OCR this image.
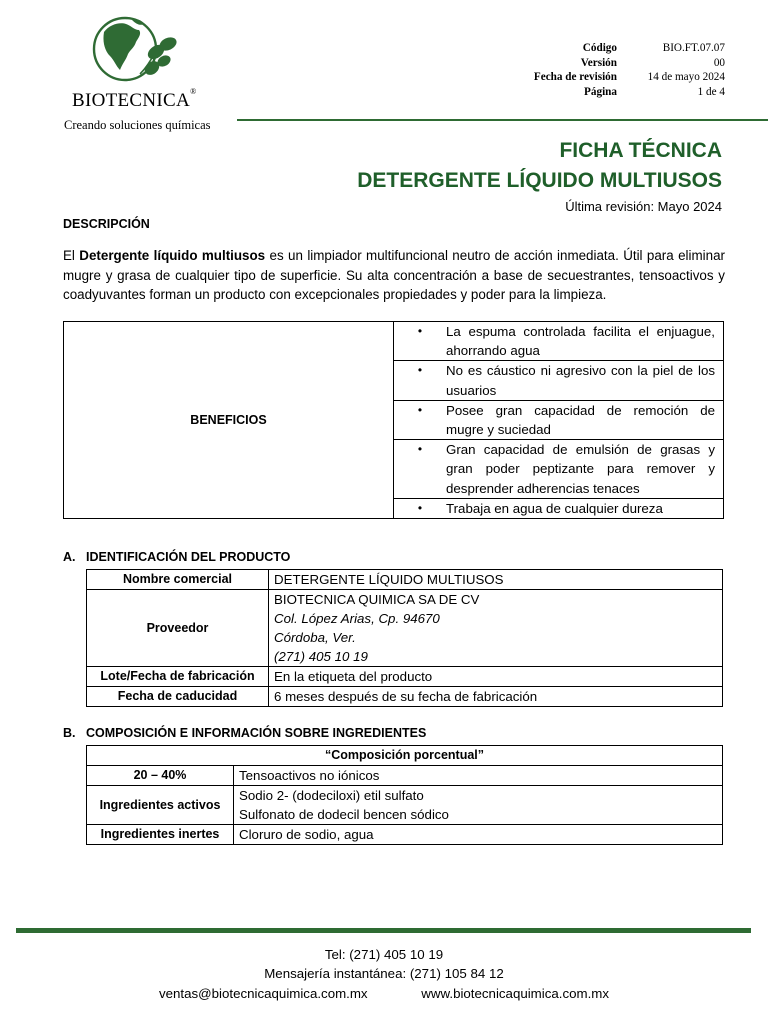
BIOTECNICA®
Creando soluciones químicas
Código	BIO.FT.07.07
Versión	00
Fecha de revisión	14 de mayo 2024
Página	1 de 4
FICHA TÉCNICA
DETERGENTE LÍQUIDO MULTIUSOS
Última revisión: Mayo 2024
DESCRIPCIÓN
El Detergente líquido multiusos es un limpiador multifuncional neutro de acción inmediata. Útil para eliminar mugre y grasa de cualquier tipo de superficie. Su alta concentración a base de secuestrantes, tensoactivos y coadyuvantes forman un producto con excepcionales propiedades y poder para la limpieza.
BENEFICIOS	
•	La espuma controlada facilita el enjuague, ahorrando agua

•	No es cáustico ni agresivo con la piel de los usuarios

•	Posee gran capacidad de remoción de mugre y suciedad

•	Gran capacidad de emulsión de grasas y gran poder peptizante para remover y desprender adherencias tenaces

•	Trabaja en agua de cualquier dureza
A. IDENTIFICACIÓN DEL PRODUCTO
Nombre comercial	DETERGENTE LÍQUIDO MULTIUSOS
Proveedor	BIOTECNICA QUIMICA SA DE CV
Col. López Arias, Cp. 94670
Córdoba, Ver.
(271) 405 10 19

Lote/Fecha de fabricación	En la etiqueta del producto
Fecha de caducidad	6 meses después de su fecha de fabricación
B. COMPOSICIÓN E INFORMACIÓN SOBRE INGREDIENTES
“Composición porcentual”	
20 – 40%	Tensoactivos no iónicos
Ingredientes activos	Sodio 2- (dodeciloxi) etil sulfato
Sulfonato de dodecil bencen sódico

Ingredientes inertes	Cloruro de sodio, agua
Tel: (271) 405 10 19
Mensajería instantánea: (271) 105 84 12
ventas@biotecnicaquimica.com.mx	www.biotecnicaquimica.com.mx
